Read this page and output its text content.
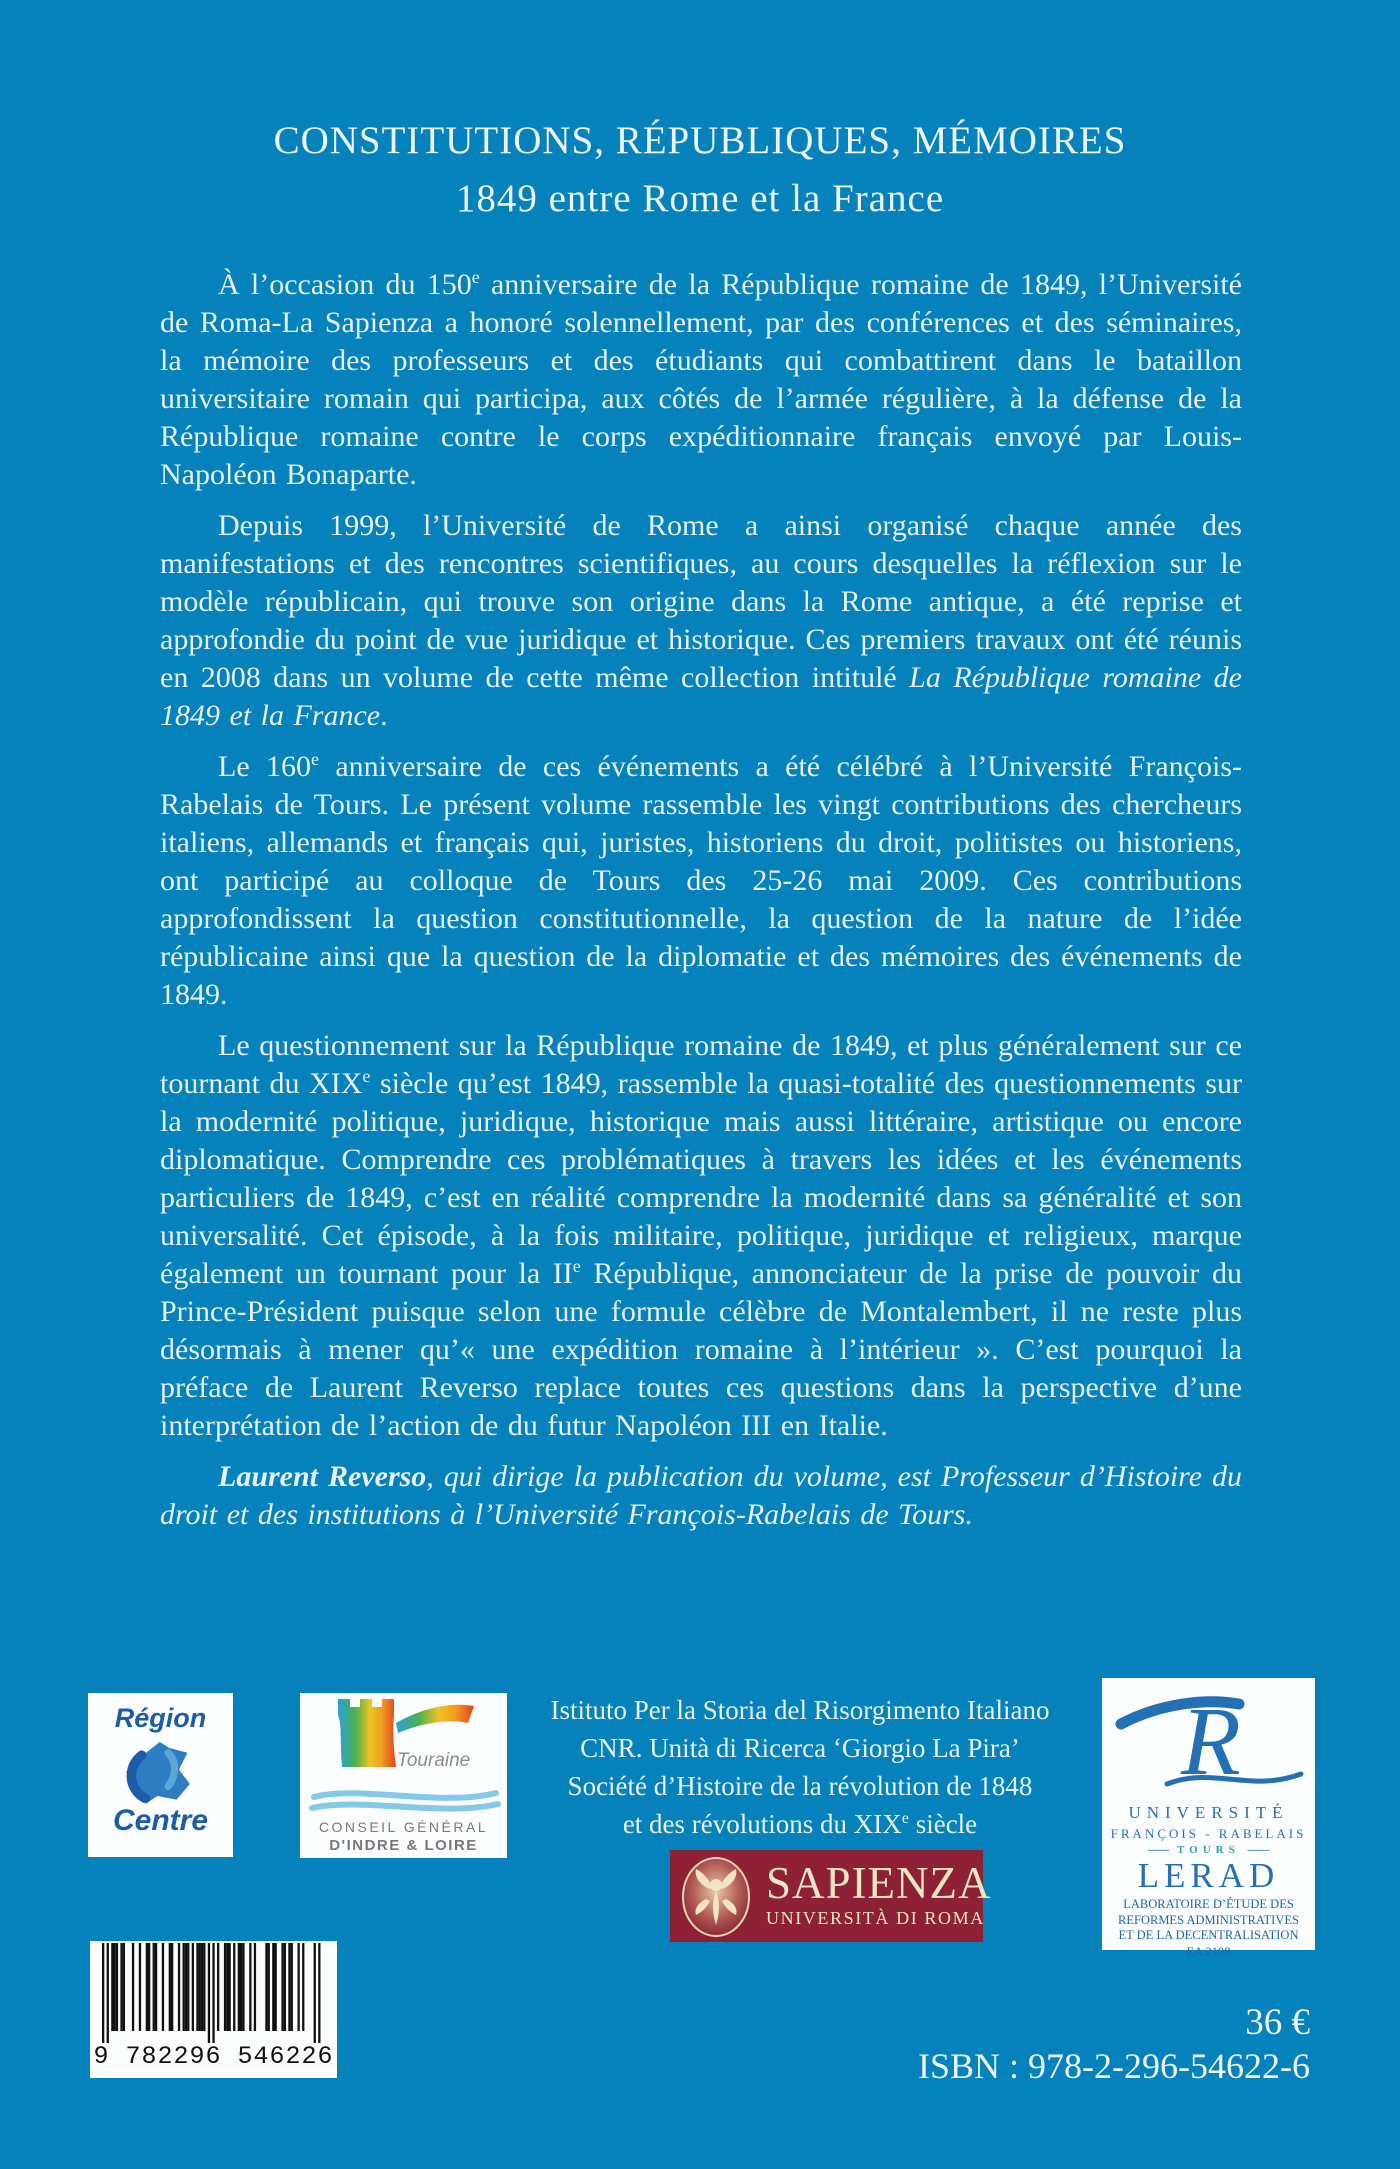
CONSTITUTIONS, RÉPUBLIQUES, MÉMOIRES
1849 entre Rome et la France

À l’occasion du 150e anniversaire de la République romaine de 1849, l’Université de Roma-La Sapienza a honoré solennellement, par des conférences et des séminaires, la mémoire des professeurs et des étudiants qui combattirent dans le bataillon universitaire romain qui participa, aux côtés de l’armée régulière, à la défense de la République romaine contre le corps expéditionnaire français envoyé par Louis-Napoléon Bonaparte.

Depuis 1999, l’Université de Rome a ainsi organisé chaque année des manifestations et des rencontres scientifiques, au cours desquelles la réflexion sur le modèle républicain, qui trouve son origine dans la Rome antique, a été reprise et approfondie du point de vue juridique et historique. Ces premiers travaux ont été réunis en 2008 dans un volume de cette même collection intitulé La République romaine de 1849 et la France.

Le 160e anniversaire de ces événements a été célébré à l’Université François-Rabelais de Tours. Le présent volume rassemble les vingt contributions des chercheurs italiens, allemands et français qui, juristes, historiens du droit, politistes ou historiens, ont participé au colloque de Tours des 25-26 mai 2009. Ces contributions approfondissent la question constitutionnelle, la question de la nature de l’idée républicaine ainsi que la question de la diplomatie et des mémoires des événements de 1849.

Le questionnement sur la République romaine de 1849, et plus généralement sur ce tournant du XIXe siècle qu’est 1849, rassemble la quasi-totalité des questionnements sur la modernité politique, juridique, historique mais aussi littéraire, artistique ou encore diplomatique. Comprendre ces problématiques à travers les idées et les événements particuliers de 1849, c’est en réalité comprendre la modernité dans sa généralité et son universalité. Cet épisode, à la fois militaire, politique, juridique et religieux, marque également un tournant pour la IIe République, annonciateur de la prise de pouvoir du Prince-Président puisque selon une formule célèbre de Montalembert, il ne reste plus désormais à mener qu’« une expédition romaine à l’intérieur ». C’est pourquoi la préface de Laurent Reverso replace toutes ces questions dans la perspective d’une interprétation de l’action de du futur Napoléon III en Italie.

Laurent Reverso, qui dirige la publication du volume, est Professeur d’Histoire du droit et des institutions à l’Université François-Rabelais de Tours.

Istituto Per la Storia del Risorgimento Italiano
CNR. Unità di Ricerca ‘Giorgio La Pira’
Société d’Histoire de la révolution de 1848
et des révolutions du XIXe siècle
Région
Centre
Touraine
CONSEIL GÉNÉRAL
D'INDRE & LOIRE
SAPIENZA
UNIVERSITÀ DI ROMA
R
UNIVERSITÉ
FRANÇOIS - RABELAIS
—— TOURS ——
LERAD
LABORATOIRE D’ÉTUDE DES
REFORMES ADMINISTRATIVES
ET DE LA DECENTRALISATION
EA 2108
9 782296 546226
36 €
ISBN : 978-2-296-54622-6
